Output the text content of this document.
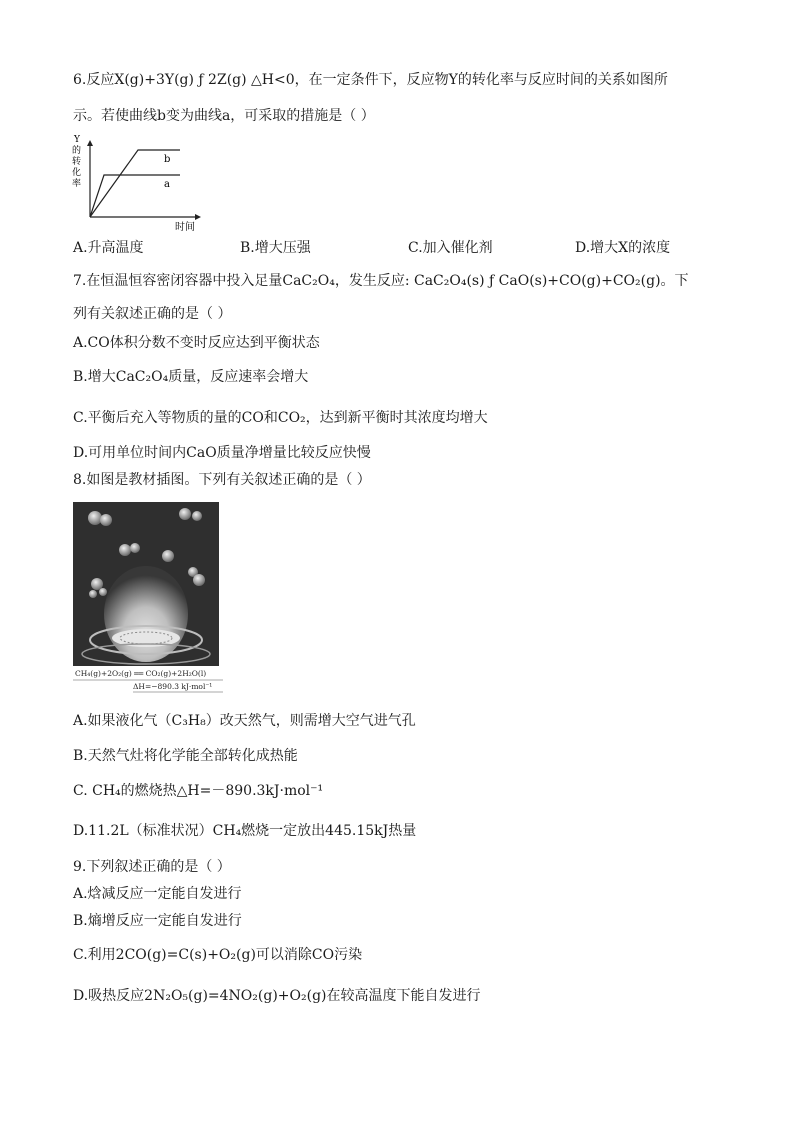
6.反应X(g)+3Y(g) ƒ 2Z(g) △H<0，在一定条件下，反应物Y的转化率与反应时间的关系如图所
示。若使曲线b变为曲线a，可采取的措施是（ ）
Y 的转化率
b
a
时间
A.升高温度	B.增大压强	C.加入催化剂	D.增大X的浓度
7.在恒温恒容密闭容器中投入足量CaC₂O₄，发生反应: CaC₂O₄(s) ƒ CaO(s)+CO(g)+CO₂(g)。下
列有关叙述正确的是（ ）
A.CO体积分数不变时反应达到平衡状态
B.增大CaC₂O₄质量，反应速率会增大
C.平衡后充入等物质的量的CO和CO₂，达到新平衡时其浓度均增大
D.可用单位时间内CaO质量净增量比较反应快慢
8.如图是教材插图。下列有关叙述正确的是（ ）
CH₄(g)+2O₂(g) ══ CO₂(g)+2H₂O(l)
ΔH=−890.3 kJ·mol⁻¹
A.如果液化气（C₃H₈）改天然气，则需增大空气进气孔
B.天然气灶将化学能全部转化成热能
C. CH₄的燃烧热△H=－890.3kJ·mol⁻¹
D.11.2L（标准状况）CH₄燃烧一定放出445.15kJ热量
9.下列叙述正确的是（ ）
A.焓减反应一定能自发进行
B.熵增反应一定能自发进行
C.利用2CO(g)=C(s)+O₂(g)可以消除CO污染
D.吸热反应2N₂O₅(g)=4NO₂(g)+O₂(g)在较高温度下能自发进行
